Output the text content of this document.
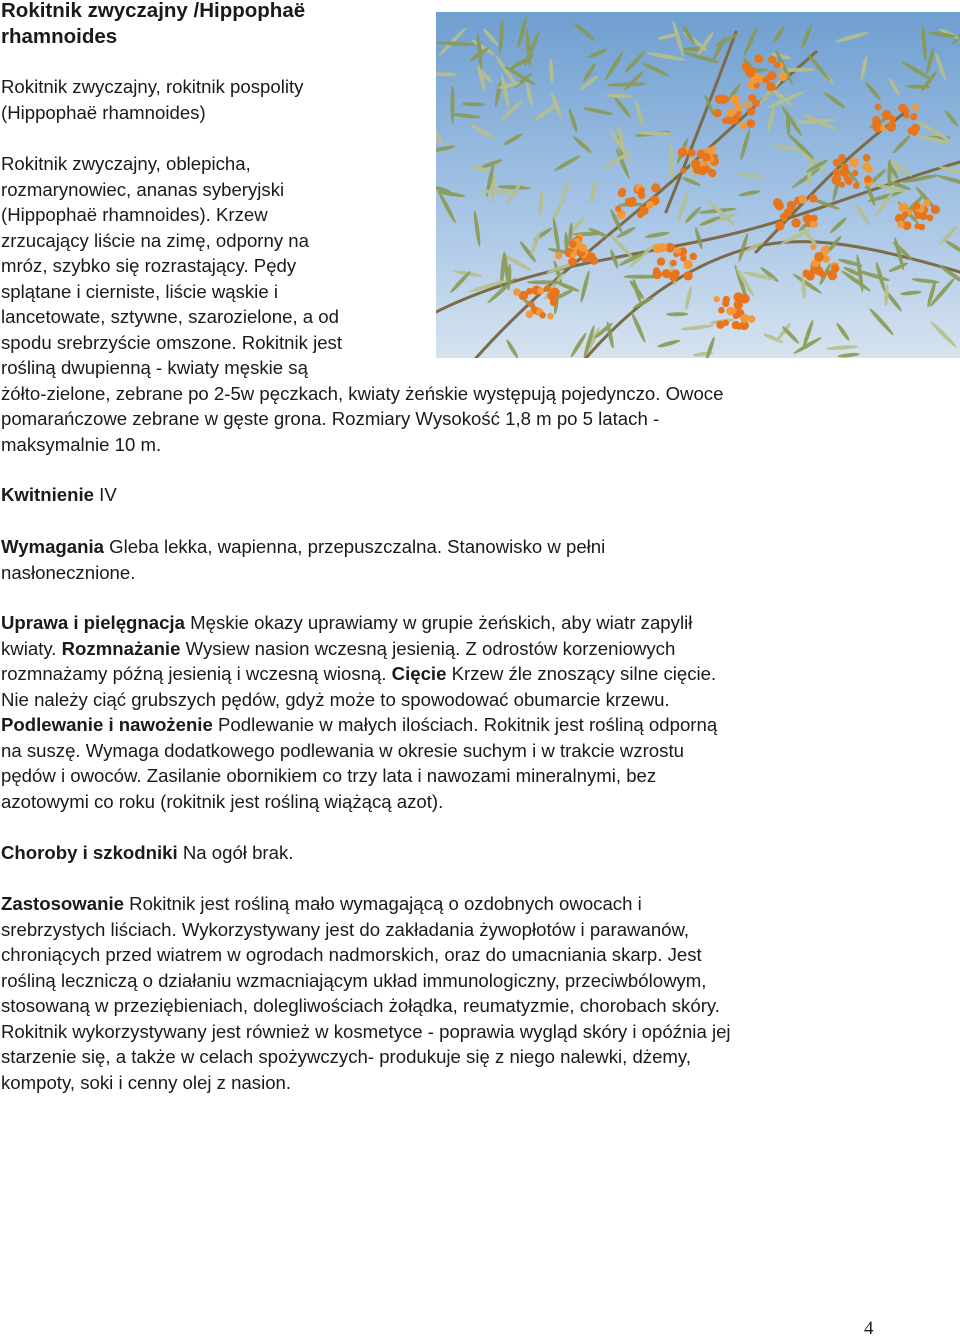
Rokitnik zwyczajny /Hippophaë
rhamnoides

Rokitnik zwyczajny, rokitnik pospolity
(Hippophaë rhamnoides)

Rokitnik zwyczajny, oblepicha,
rozmarynowiec, ananas syberyjski
(Hippophaë rhamnoides). Krzew
zrzucający liście na zimę, odporny na
mróz, szybko się rozrastający. Pędy
splątane i cierniste, liście wąskie i
lancetowate, sztywne, szarozielone, a od
spodu srebrzyście omszone. Rokitnik jest
rośliną dwupienną - kwiaty męskie są
żółto-zielone, zebrane po 2-5w pęczkach, kwiaty żeńskie występują pojedynczo. Owoce
pomarańczowe zebrane w gęste grona. Rozmiary Wysokość 1,8 m po 5 latach -
maksymalnie 10 m.

Kwitnienie IV

Wymagania Gleba lekka, wapienna, przepuszczalna. Stanowisko w pełni
nasłonecznione.

Uprawa i pielęgnacja Męskie okazy uprawiamy w grupie żeńskich, aby wiatr zapylił
kwiaty. Rozmnażanie Wysiew nasion wczesną jesienią. Z odrostów korzeniowych
rozmnażamy późną jesienią i wczesną wiosną. Cięcie Krzew źle znoszący silne cięcie.
Nie należy ciąć grubszych pędów, gdyż może to spowodować obumarcie krzewu.
Podlewanie i nawożenie Podlewanie w małych ilościach. Rokitnik jest rośliną odporną
na suszę. Wymaga dodatkowego podlewania w okresie suchym i w trakcie wzrostu
pędów i owoców. Zasilanie obornikiem co trzy lata i nawozami mineralnymi, bez
azotowymi co roku (rokitnik jest rośliną wiążącą azot).

Choroby i szkodniki Na ogół brak.

Zastosowanie Rokitnik jest rośliną mało wymagającą o ozdobnych owocach i
srebrzystych liściach. Wykorzystywany jest do zakładania żywopłotów i parawanów,
chroniących przed wiatrem w ogrodach nadmorskich, oraz do umacniania skarp. Jest
rośliną leczniczą o działaniu wzmacniającym układ immunologiczny, przeciwbólowym,
stosowaną w przeziębieniach, dolegliwościach żołądka, reumatyzmie, chorobach skóry.
Rokitnik wykorzystywany jest również w kosmetyce - poprawia wygląd skóry i opóźnia jej
starzenie się, a także w celach spożywczych- produkuje się z niego nalewki, dżemy,
kompoty, soki i cenny olej z nasion.

4
